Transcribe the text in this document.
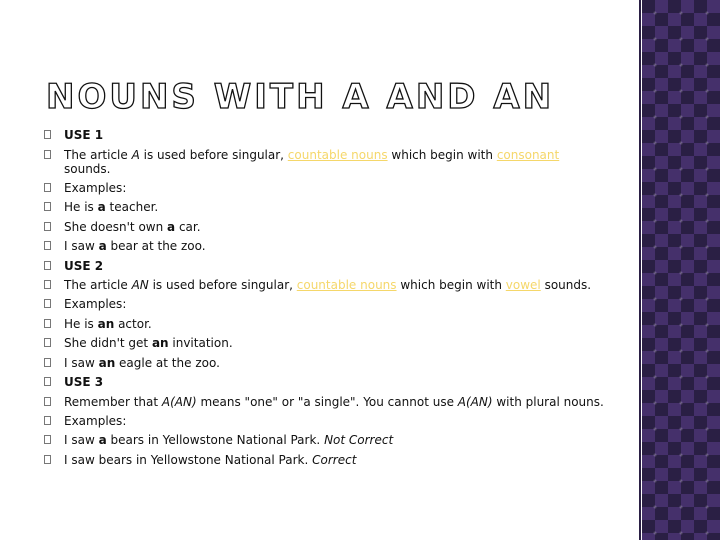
NOUNS WITH A AND AN
USE 1
The article A is used before singular, countable nouns which begin with consonant sounds.
Examples:
He is a teacher.
She doesn't own a car.
I saw a bear at the zoo.
USE 2
The article AN is used before singular, countable nouns which begin with vowel sounds.
Examples:
He is an actor.
She didn't get an invitation.
I saw an eagle at the zoo.
USE 3
Remember that A(AN) means "one" or "a single". You cannot use A(AN) with plural nouns.
Examples:
I saw a bears in Yellowstone National Park. Not Correct
I saw bears in Yellowstone National Park. Correct
